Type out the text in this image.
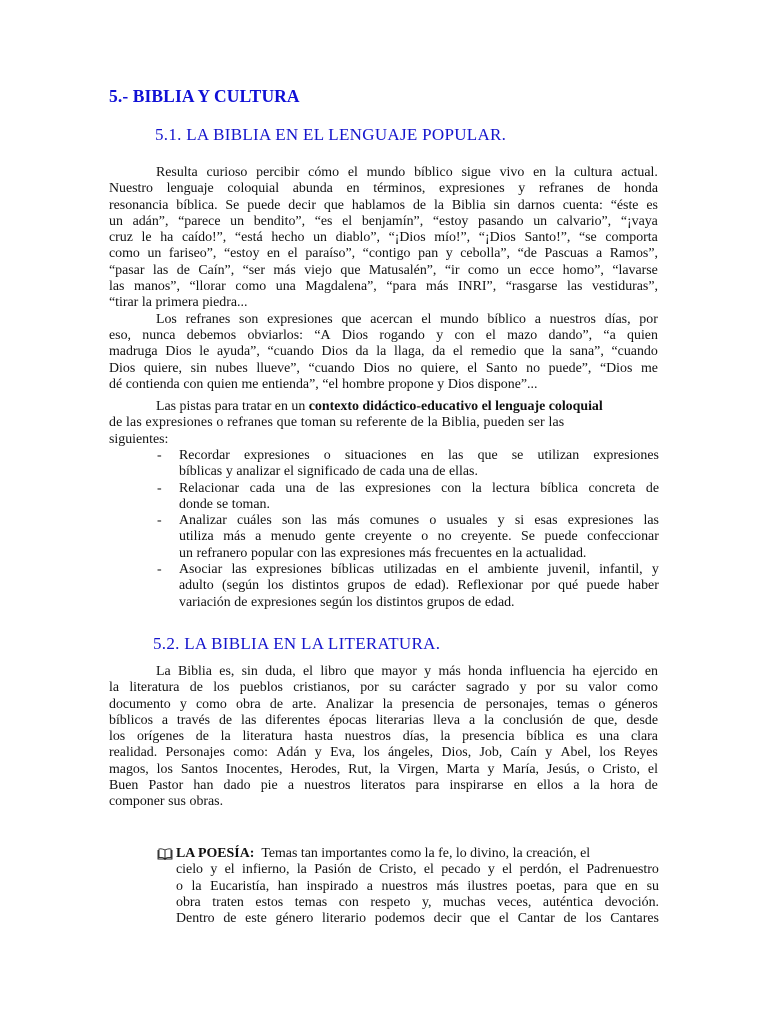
5.- BIBLIA Y CULTURA
5.1. LA BIBLIA EN EL LENGUAJE POPULAR.
Resulta curioso percibir cómo el mundo bíblico sigue vivo en la cultura actual.
Nuestro lenguaje coloquial abunda en términos, expresiones y refranes de honda
resonancia bíblica. Se puede decir que hablamos de la Biblia sin darnos cuenta: “éste es
un adán”, “parece un bendito”, “es el benjamín”, “estoy pasando un calvario”, “¡vaya
cruz le ha caído!”, “está hecho un diablo”, “¡Dios mío!”, “¡Dios Santo!”, “se comporta
como un fariseo”, “estoy en el paraíso”, “contigo pan y cebolla”, “de Pascuas a Ramos”,
“pasar las de Caín”, “ser más viejo que Matusalén”, “ir como un ecce homo”, “lavarse
las manos”, “llorar como una Magdalena”, “para más INRI”, “rasgarse las vestiduras”,
“tirar la primera piedra...
Los refranes son expresiones que acercan el mundo bíblico a nuestros días, por
eso, nunca debemos obviarlos: “A Dios rogando y con el mazo dando”, “a quien
madruga Dios le ayuda”, “cuando Dios da la llaga, da el remedio que la sana”, “cuando
Dios quiere, sin nubes llueve”, “cuando Dios no quiere, el Santo no puede”, “Dios me
dé contienda con quien me entienda”, “el hombre propone y Dios dispone”...
Las pistas para tratar en un
contexto didáctico-educativo el lenguaje coloquial
de las expresiones o refranes que toman su referente de la Biblia, pueden ser las
siguientes:
- Recordar expresiones o situaciones en las que se utilizan expresiones
bíblicas y analizar el significado de cada una de ellas.
- Relacionar cada una de las expresiones con la lectura bíblica concreta de
donde se toman.
- Analizar cuáles son las más comunes o usuales y si esas expresiones las
utiliza más a menudo gente creyente o no creyente. Se puede confeccionar
un refranero popular con las expresiones más frecuentes en la actualidad.
- Asociar las expresiones bíblicas utilizadas en el ambiente juvenil, infantil, y
adulto (según los distintos grupos de edad). Reflexionar por qué puede haber
variación de expresiones según los distintos grupos de edad.
5.2. LA BIBLIA EN LA LITERATURA.
La Biblia es, sin duda, el libro que mayor y más honda influencia ha ejercido en
la literatura de los pueblos cristianos, por su carácter sagrado y por su valor como
documento y como obra de arte. Analizar la presencia de personajes, temas o géneros
bíblicos a través de las diferentes épocas literarias lleva a la conclusión de que, desde
los orígenes de la literatura hasta nuestros días, la presencia bíblica es una clara
realidad. Personajes como: Adán y Eva, los ángeles, Dios, Job, Caín y Abel, los Reyes
magos, los Santos Inocentes, Herodes, Rut, la Virgen, Marta y María, Jesús, o Cristo, el
Buen Pastor han dado pie a nuestros literatos para inspirarse en ellos a la hora de
componer sus obras.
LA POESÍA:
Temas tan importantes como la fe, lo divino, la creación, el
cielo y el infierno, la Pasión de Cristo, el pecado y el perdón, el Padrenuestro
o la Eucaristía, han inspirado a nuestros más ilustres poetas, para que en su
obra traten estos temas con respeto y, muchas veces, auténtica devoción.
Dentro de este género literario podemos decir que el Cantar de los Cantares
